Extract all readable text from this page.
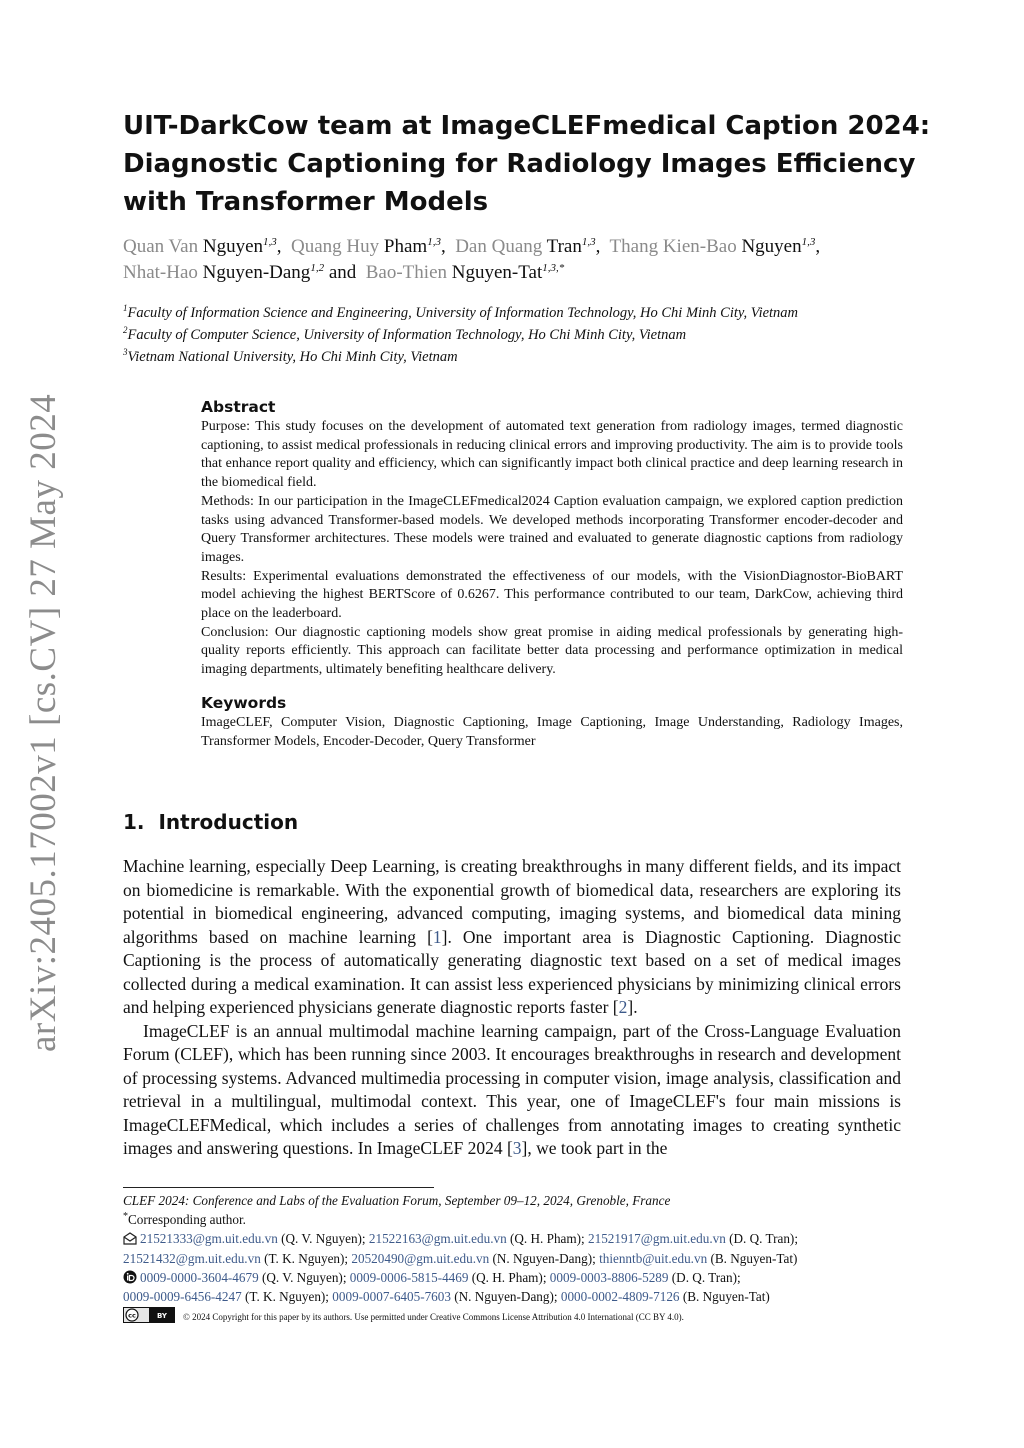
arXiv:2405.17002v1 [cs.CV] 27 May 2024
UIT-DarkCow team at ImageCLEFmedical Caption 2024:
Diagnostic Captioning for Radiology Images Efficiency
with Transformer Models
Quan Van Nguyen$^{1,3}$, Quang Huy Pham$^{1,3}$, Dan Quang Tran$^{1,3}$, Thang Kien-Bao Nguyen$^{1,3}$,
Nhat-Hao Nguyen-Dang$^{1,2}$ and Bao-Thien Nguyen-Tat$^{1,3,*}$
$^1$Faculty of Information Science and Engineering, University of Information Technology, Ho Chi Minh City, Vietnam
$^2$Faculty of Computer Science, University of Information Technology, Ho Chi Minh City, Vietnam
$^3$Vietnam National University, Ho Chi Minh City, Vietnam
Abstract

Purpose: This study focuses on the development of automated text generation from radiology images, termed diagnostic captioning, to assist medical professionals in reducing clinical errors and improving productivity. The aim is to provide tools that enhance report quality and efficiency, which can significantly impact both clinical practice and deep learning research in the biomedical field.

Methods: In our participation in the ImageCLEFmedical2024 Caption evaluation campaign, we explored caption prediction tasks using advanced Transformer-based models. We developed methods incorporating Transformer encoder-decoder and Query Transformer architectures. These models were trained and evaluated to generate diagnostic captions from radiology images.

Results: Experimental evaluations demonstrated the effectiveness of our models, with the VisionDiagnostor-BioBART model achieving the highest BERTScore of 0.6267. This performance contributed to our team, DarkCow, achieving third place on the leaderboard.

Conclusion: Our diagnostic captioning models show great promise in aiding medical professionals by generating high-quality reports efficiently. This approach can facilitate better data processing and performance optimization in medical imaging departments, ultimately benefiting healthcare delivery.

Keywords
ImageCLEF, Computer Vision, Diagnostic Captioning, Image Captioning, Image Understanding, Radiology Images, Transformer Models, Encoder-Decoder, Query Transformer
1. Introduction

Machine learning, especially Deep Learning, is creating breakthroughs in many different fields, and its impact on biomedicine is remarkable. With the exponential growth of biomedical data, researchers are exploring its potential in biomedical engineering, advanced computing, imaging systems, and biomedical data mining algorithms based on machine learning [1]. One important area is Diagnostic Captioning. Diagnostic Captioning is the process of automatically generating diagnostic text based on a set of medical images collected during a medical examination. It can assist less experienced physicians by minimizing clinical errors and helping experienced physicians generate diagnostic reports faster [2].

ImageCLEF is an annual multimodal machine learning campaign, part of the Cross-Language Evaluation Forum (CLEF), which has been running since 2003. It encourages breakthroughs in research and development of processing systems. Advanced multimedia processing in computer vision, image analysis, classification and retrieval in a multilingual, multimodal context. This year, one of ImageCLEF's four main missions is ImageCLEFMedical, which includes a series of challenges from annotating images to creating synthetic images and answering questions. In ImageCLEF 2024 [3], we took part in the

CLEF 2024: Conference and Labs of the Evaluation Forum, September 09–12, 2024, Grenoble, France
*Corresponding author.
21521333@gm.uit.edu.vn (Q. V. Nguyen); 21522163@gm.uit.edu.vn (Q. H. Pham); 21521917@gm.uit.edu.vn (D. Q. Tran);
21521432@gm.uit.edu.vn (T. K. Nguyen); 20520490@gm.uit.edu.vn (N. Nguyen-Dang); thienntb@uit.edu.vn (B. Nguyen-Tat)
0009-0000-3604-4679 (Q. V. Nguyen); 0009-0006-5815-4469 (Q. H. Pham); 0009-0003-8806-5289 (D. Q. Tran);
0009-0009-6456-4247 (T. K. Nguyen); 0009-0007-6405-7603 (N. Nguyen-Dang); 0000-0002-4809-7126 (B. Nguyen-Tat)
cc	BY © 2024 Copyright for this paper by its authors. Use permitted under Creative Commons License Attribution 4.0 International (CC BY 4.0).
